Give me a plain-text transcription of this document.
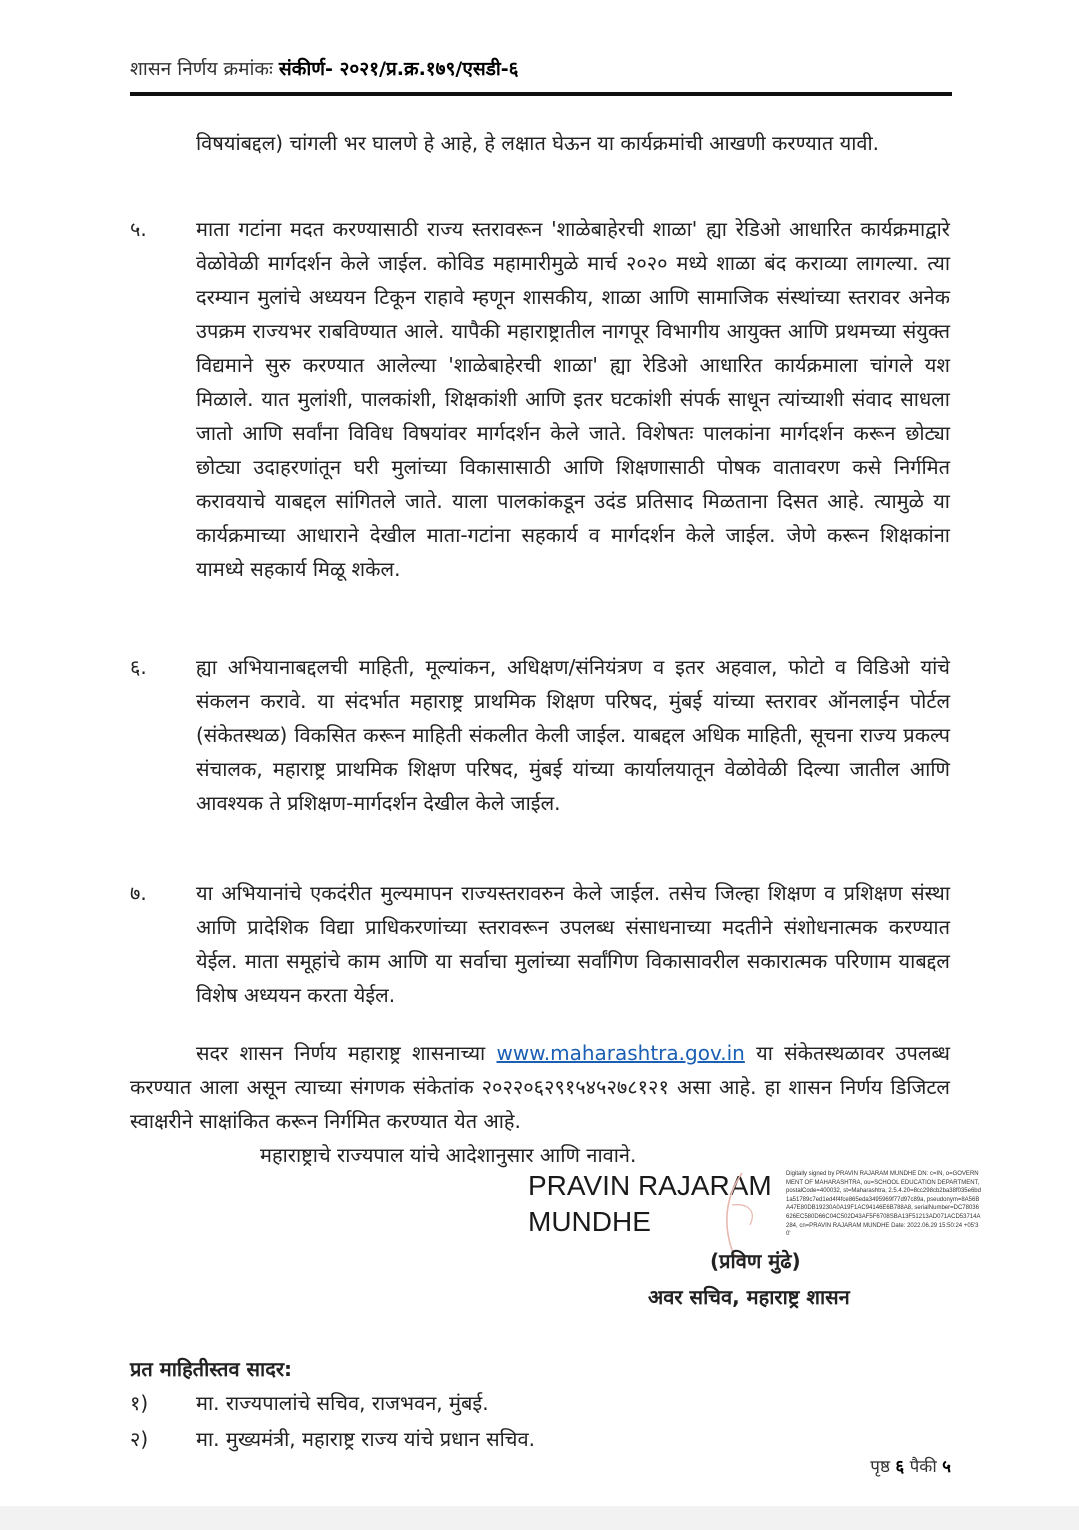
शासन निर्णय क्रमांकः संकीर्ण- २०२१/प्र.क्र.१७९/एसडी-६
विषयांबद्दल) चांगली भर घालणे हे आहे, हे लक्षात घेऊन या कार्यक्रमांची आखणी करण्यात यावी.
५. माता गटांना मदत करण्यासाठी राज्य स्तरावरून 'शाळेबाहेरची शाळा' ह्या रेडिओ आधारित कार्यक्रमाद्वारे वेळोवेळी मार्गदर्शन केले जाईल. कोविड महामारीमुळे मार्च २०२० मध्ये शाळा बंद कराव्या लागल्या. त्या दरम्यान मुलांचे अध्ययन टिकून राहावे म्हणून शासकीय, शाळा आणि सामाजिक संस्थांच्या स्तरावर अनेक उपक्रम राज्यभर राबविण्यात आले. यापैकी महाराष्ट्रातील नागपूर विभागीय आयुक्त आणि प्रथमच्या संयुक्त विद्यमाने सुरु करण्यात आलेल्या 'शाळेबाहेरची शाळा' ह्या रेडिओ आधारित कार्यक्रमाला चांगले यश मिळाले. यात मुलांशी, पालकांशी, शिक्षकांशी आणि इतर घटकांशी संपर्क साधून त्यांच्याशी संवाद साधला जातो आणि सर्वांना विविध विषयांवर मार्गदर्शन केले जाते. विशेषतः पालकांना मार्गदर्शन करून छोट्या छोट्या उदाहरणांतून घरी मुलांच्या विकासासाठी आणि शिक्षणासाठी पोषक वातावरण कसे निर्गमित करावयाचे याबद्दल सांगितले जाते. याला पालकांकडून उदंड प्रतिसाद मिळताना दिसत आहे. त्यामुळे या कार्यक्रमाच्या आधाराने देखील माता-गटांना सहकार्य व मार्गदर्शन केले जाईल. जेणे करून शिक्षकांना यामध्ये सहकार्य मिळू शकेल.
६. ह्या अभियानाबद्दलची माहिती, मूल्यांकन, अधिक्षण/संनियंत्रण व इतर अहवाल, फोटो व विडिओ यांचे संकलन करावे. या संदर्भात महाराष्ट्र प्राथमिक शिक्षण परिषद, मुंबई यांच्या स्तरावर ऑनलाईन पोर्टल (संकेतस्थळ) विकसित करून माहिती संकलीत केली जाईल. याबद्दल अधिक माहिती, सूचना राज्य प्रकल्प संचालक, महाराष्ट्र प्राथमिक शिक्षण परिषद, मुंबई यांच्या कार्यालयातून वेळोवेळी दिल्या जातील आणि आवश्यक ते प्रशिक्षण-मार्गदर्शन देखील केले जाईल.
७. या अभियानांचे एकदंरीत मुल्यमापन राज्यस्तरावरुन केले जाईल. तसेच जिल्हा शिक्षण व प्रशिक्षण संस्था आणि प्रादेशिक विद्या प्राधिकरणांच्या स्तरावरून उपलब्ध संसाधनाच्या मदतीने संशोधनात्मक करण्यात येईल. माता समूहांचे काम आणि या सर्वाचा मुलांच्या सर्वांगिण विकासावरील सकारात्मक परिणाम याबद्दल विशेष अध्ययन करता येईल.
सदर शासन निर्णय महाराष्ट्र शासनाच्या www.maharashtra.gov.in या संकेतस्थळावर उपलब्ध करण्यात आला असून त्याच्या संगणक संकेतांक २०२२०६२९१५४५२७८१२१ असा आहे. हा शासन निर्णय डिजिटल स्वाक्षरीने साक्षांकित करून निर्गमित करण्यात येत आहे.
महाराष्ट्राचे राज्यपाल यांचे आदेशानुसार आणि नावाने.
PRAVIN RAJARAM
MUNDHE
Digitally signed by PRAVIN RAJARAM MUNDHE DN: c=IN, o=GOVERNMENT OF MAHARASHTRA, ou=SCHOOL EDUCATION DEPARTMENT, postalCode=400032, st=Maharashtra, 2.5.4.20=8cc298cb2ba38f035e6bd1a51789c7ed1ed4f4fce865eda3495969f77d97c89a, pseudonym=8A56BA47E80DB19230A0A19F1AC94146E6B788A8, serialNumber=DC78036626EC580D66C04C502D43AF5F6708SBA13F51213AD071ACD53714A284, cn=PRAVIN RAJARAM MUNDHE Date: 2022.06.29 15:50:24 +05'30'
(प्रविण मुंढे)
अवर सचिव, महाराष्ट्र शासन
प्रत माहितीस्तव सादर:
१) मा. राज्यपालांचे सचिव, राजभवन, मुंबई.
२) मा. मुख्यमंत्री, महाराष्ट्र राज्य यांचे प्रधान सचिव.
पृष्ठ ६ पैकी ५
